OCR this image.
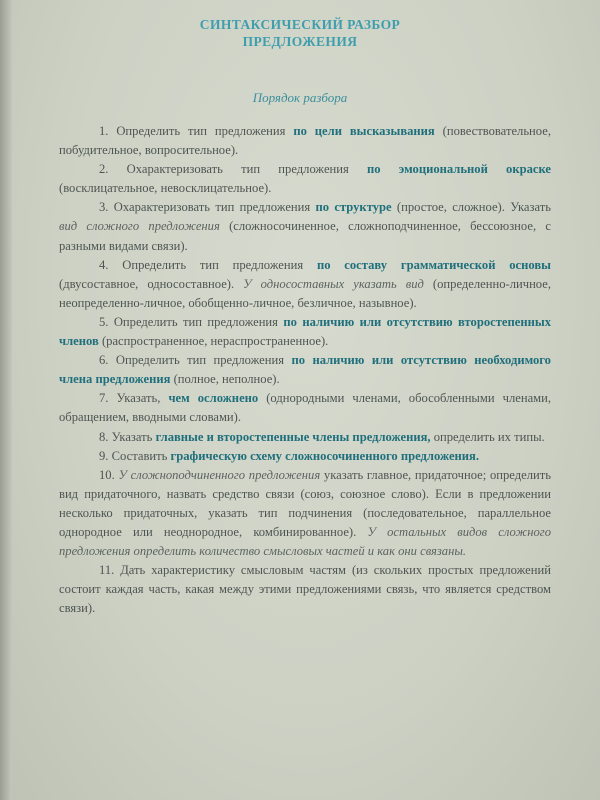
СИНТАКСИЧЕСКИЙ РАЗБОР
ПРЕДЛОЖЕНИЯ
Порядок разбора

1. Определить тип предложения по цели высказывания (повествовательное, побудительное, вопросительное).

2. Охарактеризовать тип предложения по эмоциональной окраске (восклицательное, невосклицательное).

3. Охарактеризовать тип предложения по структуре (простое, сложное). Указать вид сложного предложения (сложносочиненное, сложноподчиненное, бессоюзное, с разными видами связи).

4. Определить тип предложения по составу грамматической основы (двусоставное, односоставное). У односоставных указать вид (определенно-личное, неопределенно-личное, обобщенно-личное, безличное, назывное).

5. Определить тип предложения по наличию или отсутствию второстепенных членов (распространенное, нераспространенное).

6. Определить тип предложения по наличию или отсутствию необходимого члена предложения (полное, неполное).

7. Указать, чем осложнено (однородными членами, обособленными членами, обращением, вводными словами).

8. Указать главные и второстепенные члены предложения, определить их типы.

9. Составить графическую схему сложносочиненного предложения.

10. У сложноподчиненного предложения указать главное, придаточное; определить вид придаточного, назвать средство связи (союз, союзное слово). Если в предложении несколько придаточных, указать тип подчинения (последовательное, параллельное однородное или неоднородное, комбинированное). У остальных видов сложного предложения определить количество смысловых частей и как они связаны.

11. Дать характеристику смысловым частям (из скольких простых предложений состоит каждая часть, какая между этими предложениями связь, что является средством связи).
